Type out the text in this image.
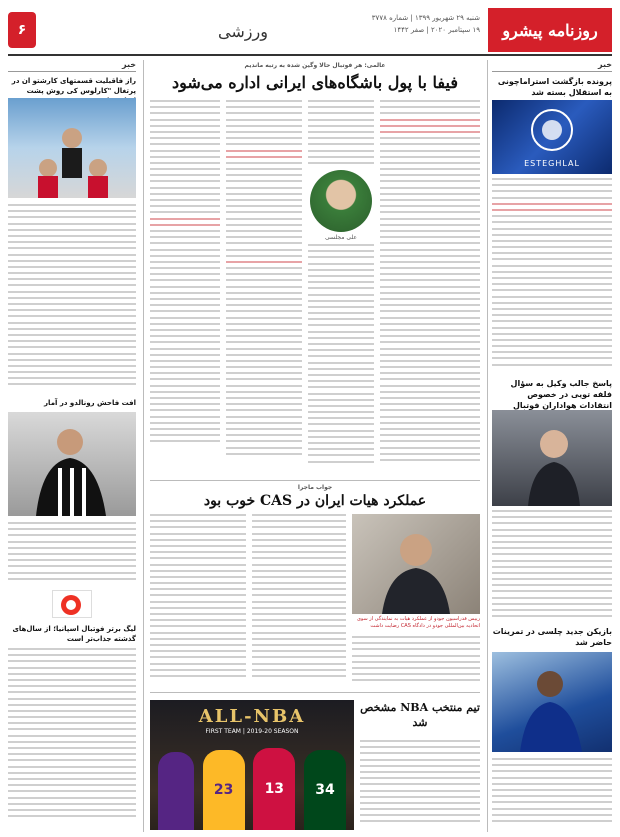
۶	ورزشی	روزنامه پیشرو
شنبه ۲۹ شهریور ۱۳۹۹ | شماره ۳۷۷۸
۱۹ سپتامبر ۲۰۲۰ | صفر ۱۴۴۲
خبر
پرونده بازگشت استراماچونی به استقلال بسته شد
ESTEGHLAL
پاسخ جالب وکیل به سؤال فلفه تویی در خصوص انتقادات هواداران فوتبال
بازیکن جدید چلسی در تمرینات حاضر شد
عالمی: هر فوتبال حالا وگین شده به رتبه ماندیم
فیفا با پول باشگاه‌های ایرانی اداره می‌شود
علی مجلسی
جواب ماجرا
عملکرد هیات ایران در CAS خوب بود
رییس فدراسیون جودو از عملکرد هیات به نمایندگی از سوی اتحادیه بین‌المللی جودو در دادگاه CAS رضایت داشت
تیم منتخب NBA مشخص شد
ALL-NBA
FIRST TEAM | 2019-20 SEASON
23	13	34
خبر
راز فاقبلیت قسمتهای کارشتو ان در پرتغال "کارلوس کی روش پشت
افت فاحش رونالدو در آمار
لیگ برتر فوتبال اسپانیا؛ از سال‌های گذشته جذاب‌تر است
